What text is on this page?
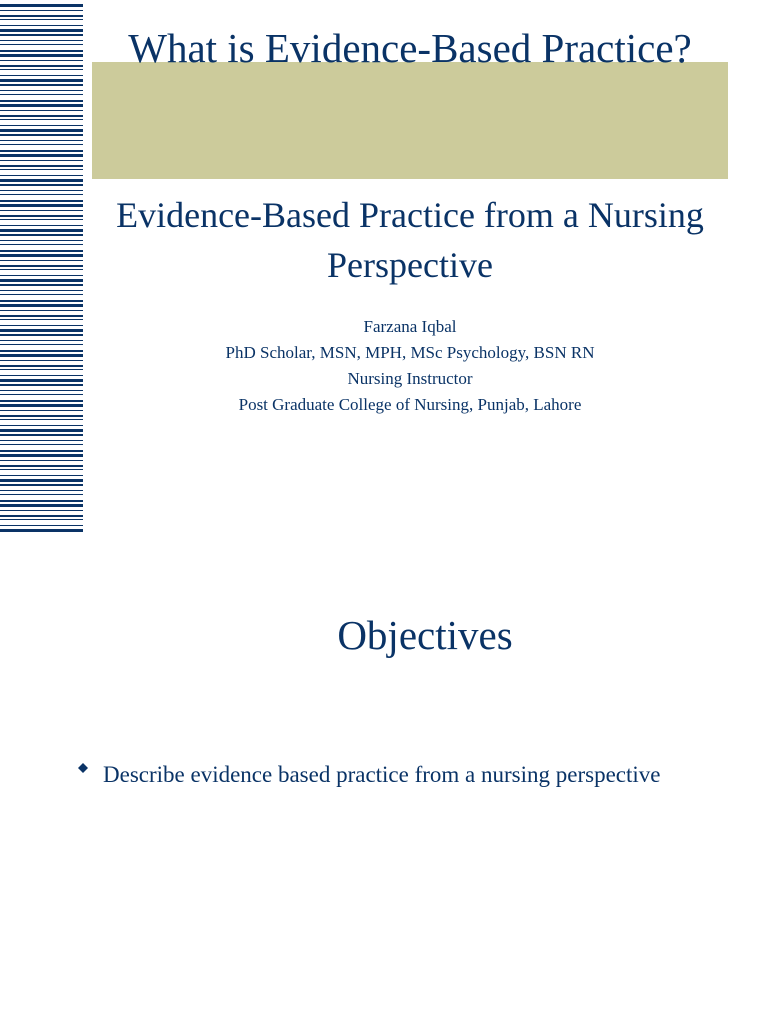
What is Evidence-Based Practice?
Evidence-Based Practice from a Nursing Perspective
Farzana Iqbal
PhD Scholar, MSN, MPH, MSc Psychology, BSN RN
Nursing Instructor
Post Graduate College of Nursing, Punjab, Lahore
Objectives
Describe evidence based practice from a nursing perspective
